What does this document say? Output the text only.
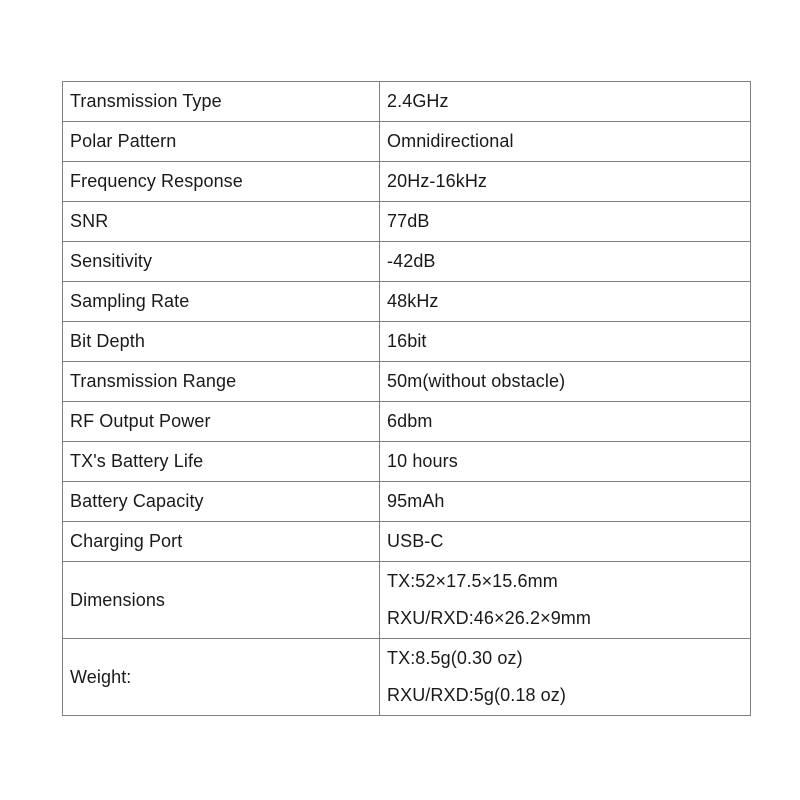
Transmission Type	2.4GHz
Polar Pattern	Omnidirectional
Frequency Response	20Hz-16kHz
SNR	77dB
Sensitivity	-42dB
Sampling Rate	48kHz
Bit Depth	16bit
Transmission Range	50m(without obstacle)
RF Output Power	6dbm
TX's Battery Life	10 hours
Battery Capacity	95mAh
Charging Port	USB-C
Dimensions	TX:52×17.5×15.6mm
RXU/RXD:46×26.2×9mm

Weight:	TX:8.5g(0.30 oz)
RXU/RXD:5g(0.18 oz)
